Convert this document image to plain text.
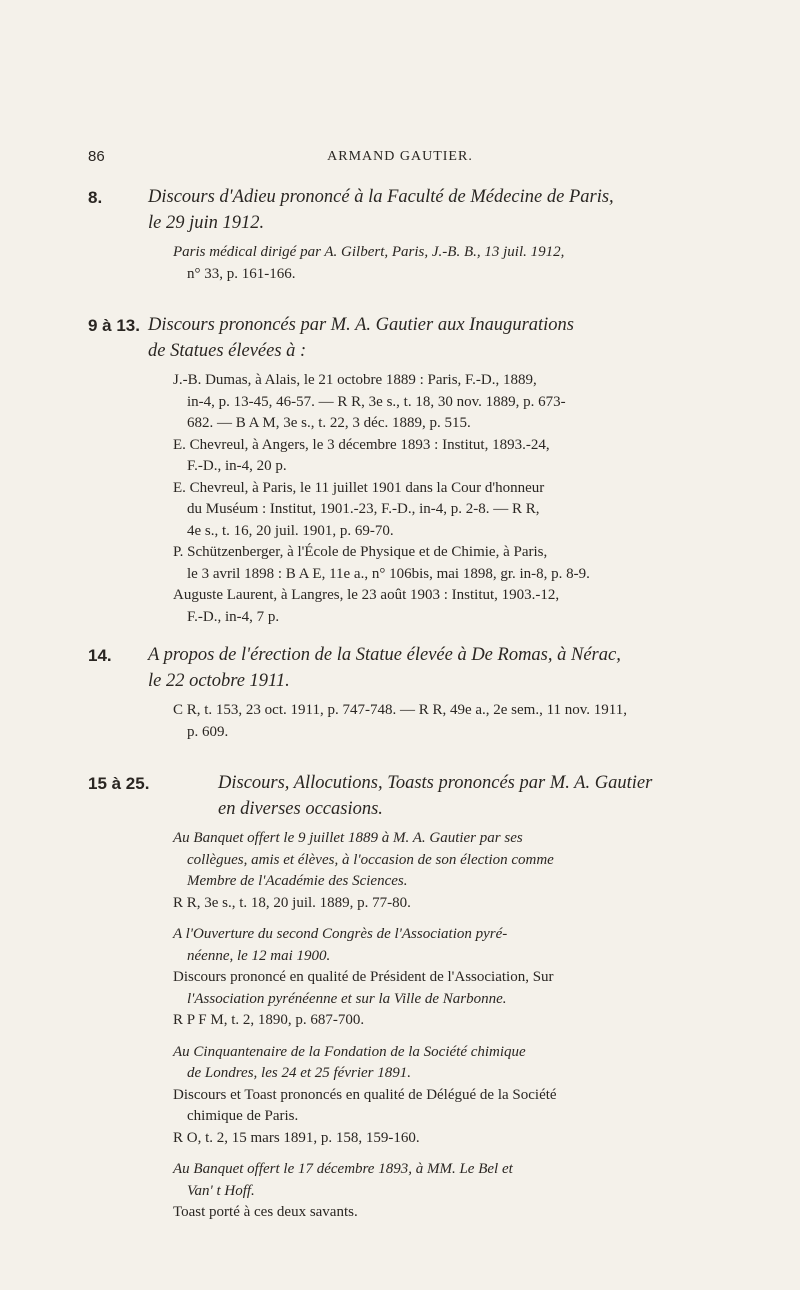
86	ARMAND GAUTIER.
8. Discours d'Adieu prononcé à la Faculté de Médecine de Paris,
le 29 juin 1912.

Paris médical dirigé par A. Gilbert, Paris, J.-B. B., 13 juil. 1912,

n° 33, p. 161-166.

9 à 13. Discours prononcés par M. A. Gautier aux Inaugurations
de Statues élevées à :
J.-B. Dumas, à Alais, le 21 octobre 1889 : Paris, F.-D., 1889,
in-4, p. 13-45, 46-57. — R R, 3e s., t. 18, 30 nov. 1889, p. 673-
682. — B A M, 3e s., t. 22, 3 déc. 1889, p. 515.
E. Chevreul, à Angers, le 3 décembre 1893 : Institut, 1893.-24,
F.-D., in-4, 20 p.
E. Chevreul, à Paris, le 11 juillet 1901 dans la Cour d'honneur
du Muséum : Institut, 1901.-23, F.-D., in-4, p. 2-8. — R R,
4e s., t. 16, 20 juil. 1901, p. 69-70.
P. Schützenberger, à l'École de Physique et de Chimie, à Paris,
le 3 avril 1898 : B A E, 11e a., n° 106bis, mai 1898, gr. in-8, p. 8-9.
Auguste Laurent, à Langres, le 23 août 1903 : Institut, 1903.-12,
F.-D., in-4, 7 p.
14. A propos de l'érection de la Statue élevée à De Romas, à Nérac,
le 22 octobre 1911.
C R, t. 153, 23 oct. 1911, p. 747-748. — R R, 49e a., 2e sem., 11 nov. 1911,
p. 609.
15 à 25.	Discours, Allocutions, Toasts prononcés par M. A. Gautier
en diverses occasions.
Au Banquet offert le 9 juillet 1889 à M. A. Gautier par ses
collègues, amis et élèves, à l'occasion de son élection comme
Membre de l'Académie des Sciences.
R R, 3e s., t. 18, 20 juil. 1889, p. 77-80.
A l'Ouverture du second Congrès de l'Association pyré-
néenne, le 12 mai 1900.
Discours prononcé en qualité de Président de l'Association, Sur
l'Association pyrénéenne et sur la Ville de Narbonne.
R P F M, t. 2, 1890, p. 687-700.
Au Cinquantenaire de la Fondation de la Société chimique
de Londres, les 24 et 25 février 1891.
Discours et Toast prononcés en qualité de Délégué de la Société
chimique de Paris.
R O, t. 2, 15 mars 1891, p. 158, 159-160.
Au Banquet offert le 17 décembre 1893, à MM. Le Bel et
Van' t Hoff.
Toast porté à ces deux savants.
